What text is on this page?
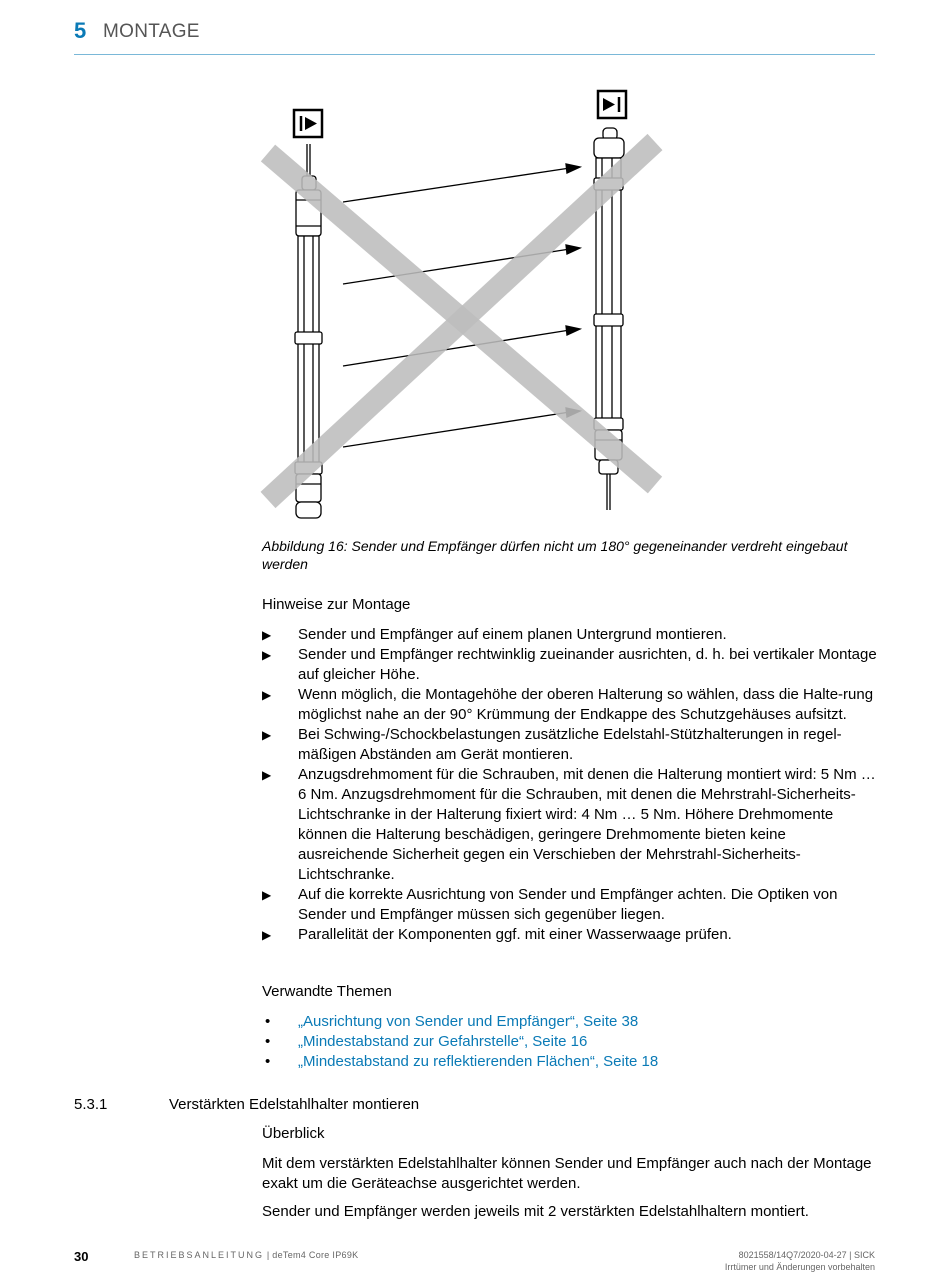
5 MONTAGE
Abbildung 16: Sender und Empfänger dürfen nicht um 180° gegeneinander verdreht eingebaut werden
Hinweise zur Montage
▶ Sender und Empfänger auf einem planen Untergrund montieren.
▶ Sender und Empfänger rechtwinklig zueinander ausrichten, d. h. bei vertikaler Montage auf gleicher Höhe.
▶ Wenn möglich, die Montagehöhe der oberen Halterung so wählen, dass die Halte-rung möglichst nahe an der 90° Krümmung der Endkappe des Schutzgehäuses aufsitzt.
▶ Bei Schwing-/Schockbelastungen zusätzliche Edelstahl-Stützhalterungen in regel-mäßigen Abständen am Gerät montieren.
▶ Anzugsdrehmoment für die Schrauben, mit denen die Halterung montiert wird: 5 Nm … 6 Nm. Anzugsdrehmoment für die Schrauben, mit denen die Mehrstrahl-Sicherheits-Lichtschranke in der Halterung fixiert wird: 4 Nm … 5 Nm. Höhere Drehmomente können die Halterung beschädigen, geringere Drehmomente bieten keine ausreichende Sicherheit gegen ein Verschieben der Mehrstrahl-Sicherheits-Lichtschranke.
▶ Auf die korrekte Ausrichtung von Sender und Empfänger achten. Die Optiken von Sender und Empfänger müssen sich gegenüber liegen.
▶ Parallelität der Komponenten ggf. mit einer Wasserwaage prüfen.
Verwandte Themen
• „Ausrichtung von Sender und Empfänger“, Seite 38
• „Mindestabstand zur Gefahrstelle“, Seite 16
• „Mindestabstand zu reflektierenden Flächen“, Seite 18
5.3.1	Verstärkten Edelstahlhalter montieren
Überblick
Mit dem verstärkten Edelstahlhalter können Sender und Empfänger auch nach der Montage exakt um die Geräteachse ausgerichtet werden.
Sender und Empfänger werden jeweils mit 2 verstärkten Edelstahlhaltern montiert.
30	BETRIEBSANLEITUNG | deTem4 Core IP69K	8021558/14Q7/2020-04-27 | SICK
Irrtümer und Änderungen vorbehalten
